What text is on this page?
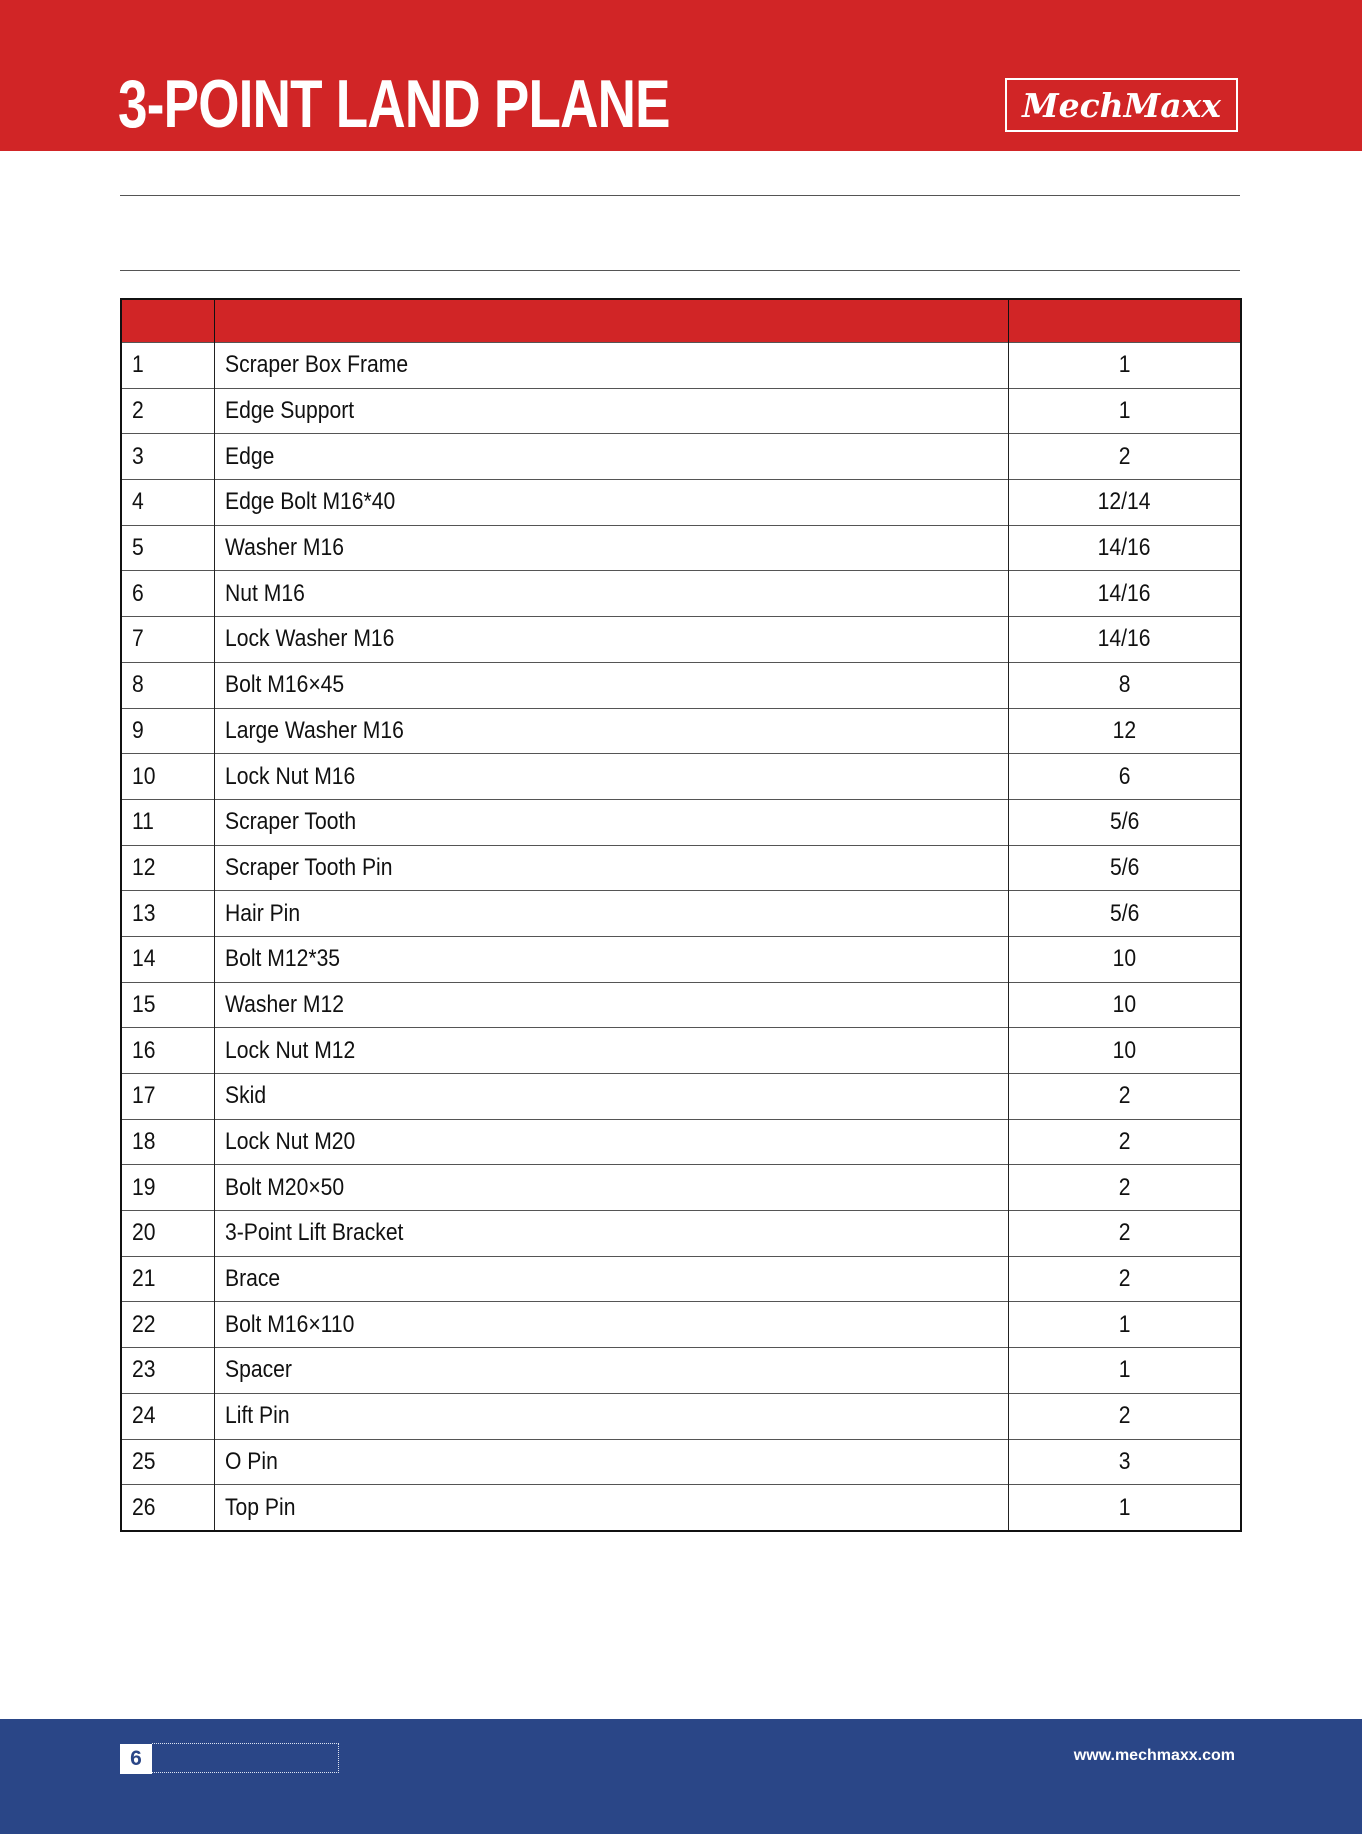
3-POINT LAND PLANE	MechMaxx

1	Scraper Box Frame	1
2	Edge Support	1
3	Edge	2
4	Edge Bolt M16*40	12/14
5	Washer M16	14/16
6	Nut M16	14/16
7	Lock Washer M16	14/16
8	Bolt M16×45	8
9	Large Washer M16	12
10	Lock Nut M16	6
11	Scraper Tooth	5/6
12	Scraper Tooth Pin	5/6
13	Hair Pin	5/6
14	Bolt M12*35	10
15	Washer M12	10
16	Lock Nut M12	10
17	Skid	2
18	Lock Nut M20	2
19	Bolt M20×50	2
20	3-Point Lift Bracket	2
21	Brace	2
22	Bolt M16×110	1
23	Spacer	1
24	Lift Pin	2
25	O Pin	3
26	Top Pin	1
6	www.mechmaxx.com
